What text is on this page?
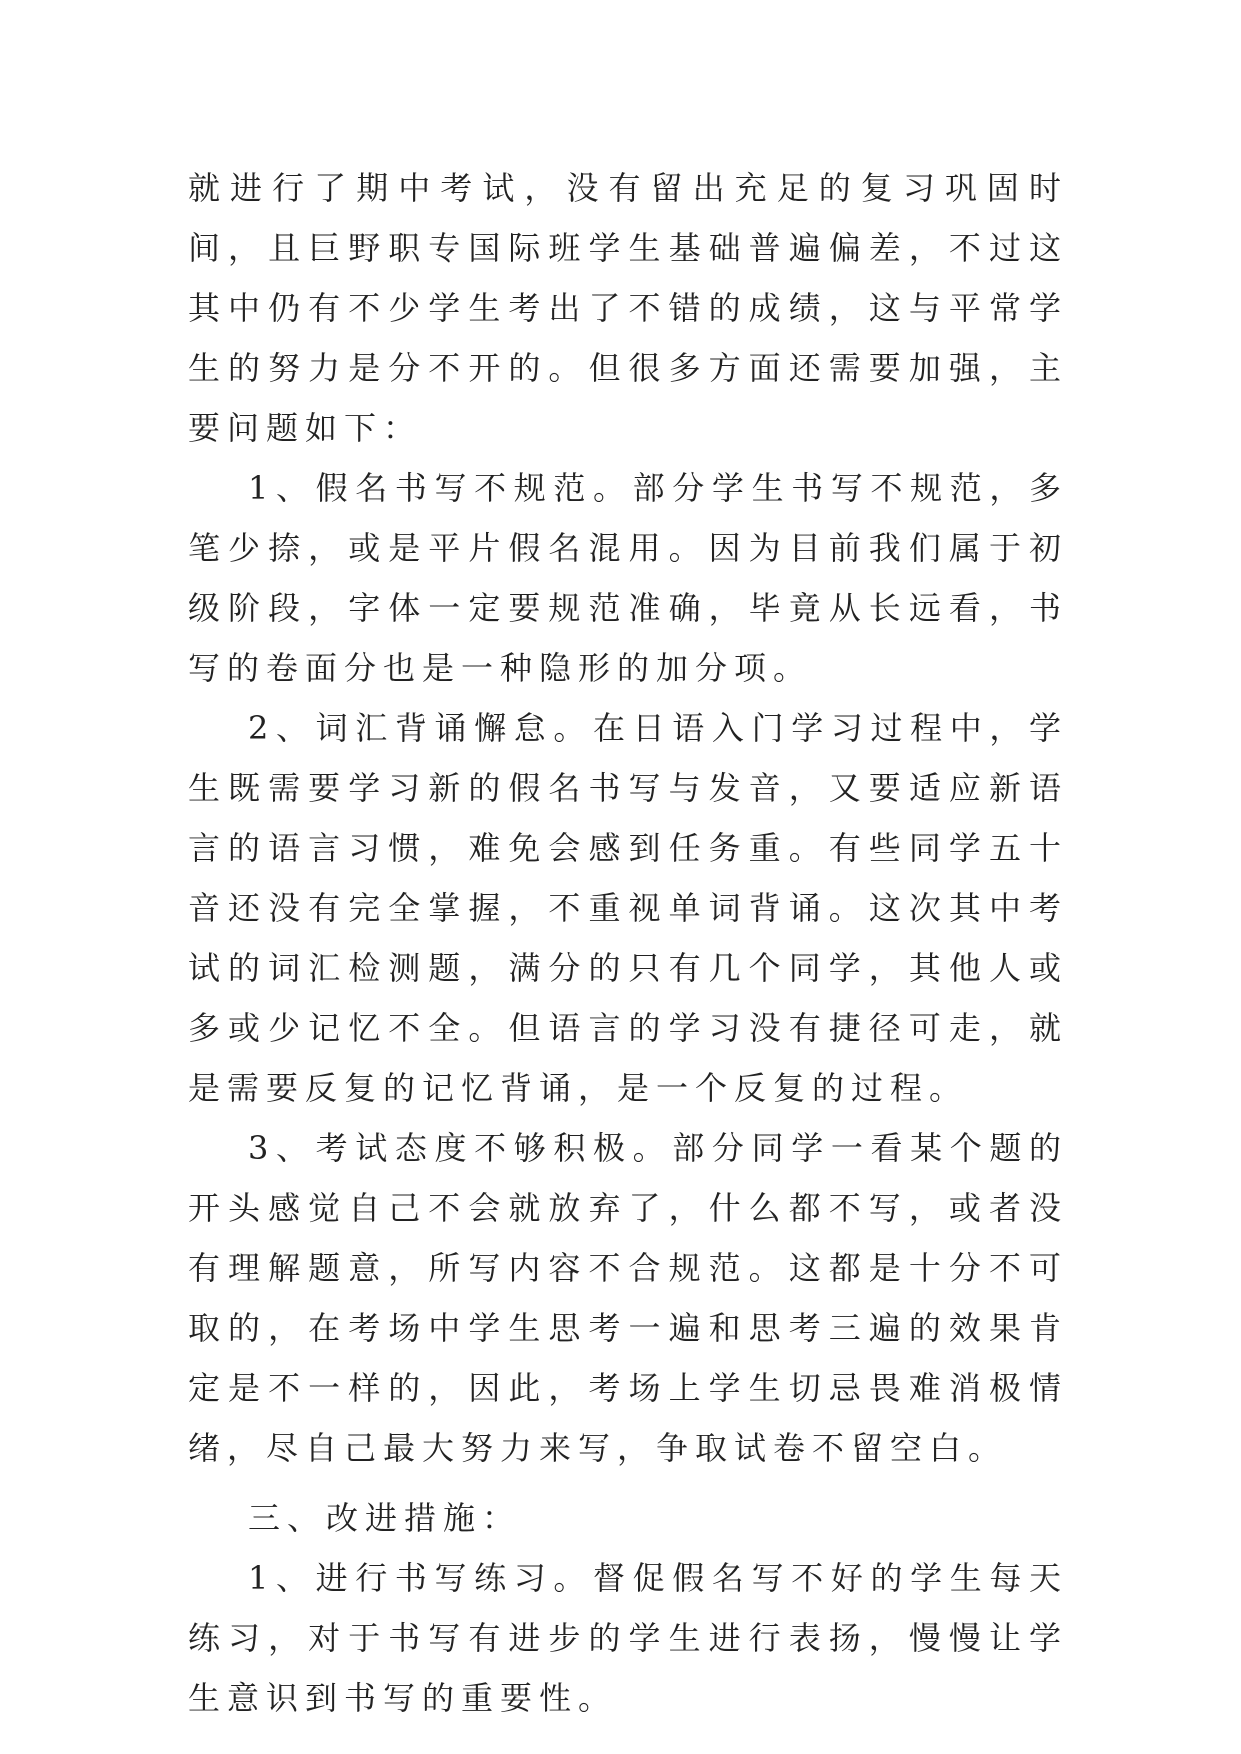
就进行了期中考试，没有留出充足的复习巩固时间，且巨野职专国际班学生基础普遍偏差，不过这其中仍有不少学生考出了不错的成绩，这与平常学生的努力是分不开的。但很多方面还需要加强，主要问题如下：

1、假名书写不规范。部分学生书写不规范，多笔少捺，或是平片假名混用。因为目前我们属于初级阶段，字体一定要规范准确，毕竟从长远看，书写的卷面分也是一种隐形的加分项。

2、词汇背诵懈怠。在日语入门学习过程中，学生既需要学习新的假名书写与发音，又要适应新语言的语言习惯，难免会感到任务重。有些同学五十音还没有完全掌握，不重视单词背诵。这次其中考试的词汇检测题，满分的只有几个同学，其他人或多或少记忆不全。但语言的学习没有捷径可走，就是需要反复的记忆背诵，是一个反复的过程。

3、考试态度不够积极。部分同学一看某个题的开头感觉自己不会就放弃了，什么都不写，或者没有理解题意，所写内容不合规范。这都是十分不可取的，在考场中学生思考一遍和思考三遍的效果肯定是不一样的，因此，考场上学生切忌畏难消极情绪，尽自己最大努力来写，争取试卷不留空白。

三、改进措施：

1、进行书写练习。督促假名写不好的学生每天练习，对于书写有进步的学生进行表扬，慢慢让学生意识到书写的重要性。
